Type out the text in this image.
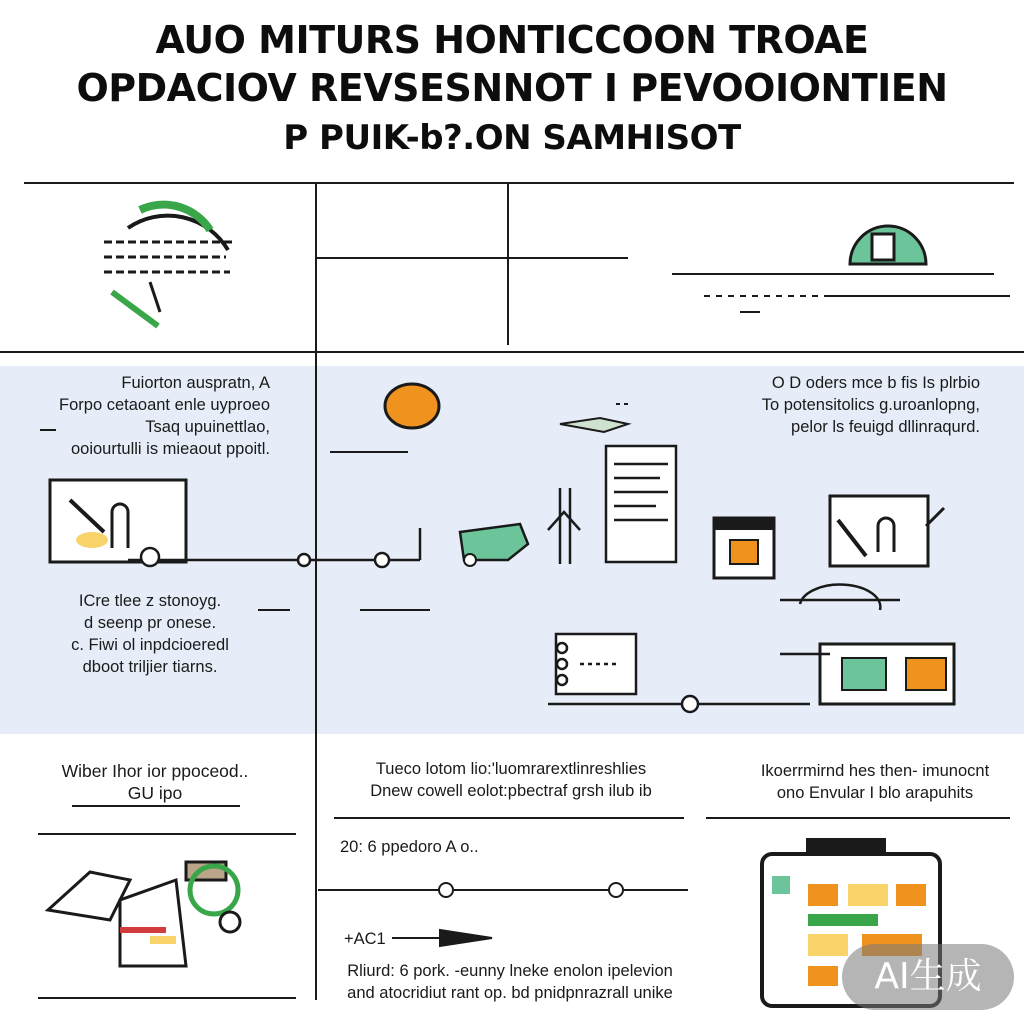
AUO MITURS HONTICCOON TROAE
OPDACIOV REVSESNNOT I PEVOOIONTIEN
P PUIK-b?.ON SAMHISOT
Fuiorton auspratn, A
Forpo cetaoant enle uyproeo
Tsaq upuinettlao,
ooiourtulli is mieaout ppoitl.
O D oders mce b fis Is plrbio
To potensitolics g.uroanlopng,
pelor ls feuigd dllinraqurd.
ICre tlee z stonoyg.
d seenp pr onese.
c. Fiwi ol inpdcioeredl
dboot triljier tiarns.
Wiber Ihor ior ppoceod..
GU ipo
Tueco lotom lio:'luomrarextlinreshlies
Dnew cowell eolot:pbectraf grsh ilub ib
20: 6 ppedoro A o..
+AC1
Rliurd: 6 pork. -eunny lneke enolon ipelevion
and atocridiut rant op. bd pnidpnrazrall unike
Ikoerrmirnd hes then- imunocnt
ono Envular I blo arapuhits
AI生成
